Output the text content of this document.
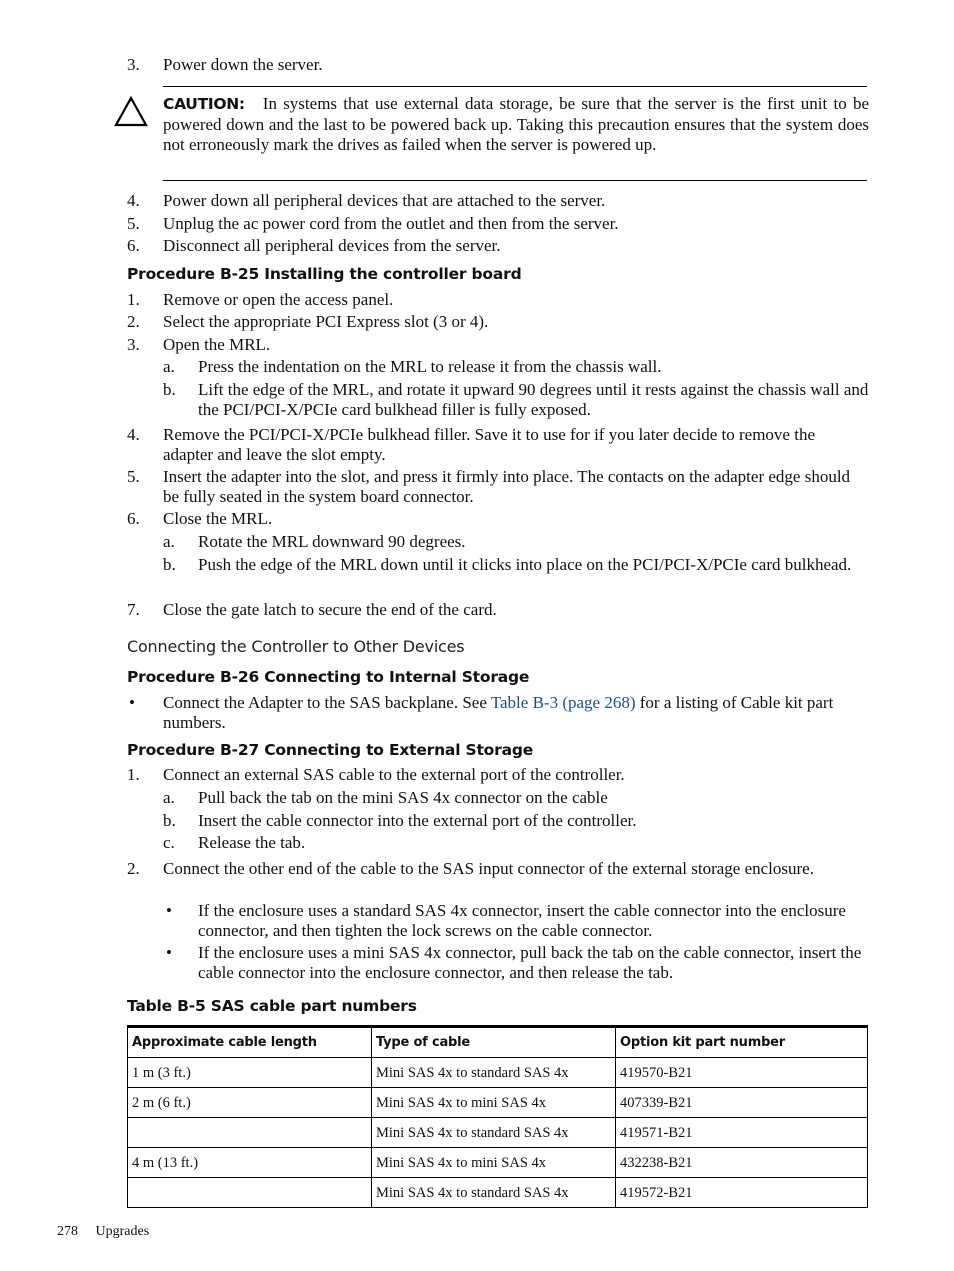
3. Power down the server.
CAUTION: In systems that use external data storage, be sure that the server is the first unit to be powered down and the last to be powered back up. Taking this precaution ensures that the system does not erroneously mark the drives as failed when the server is powered up.
4. Power down all peripheral devices that are attached to the server.
5. Unplug the ac power cord from the outlet and then from the server.
6. Disconnect all peripheral devices from the server.
Procedure B-25 Installing the controller board
1. Remove or open the access panel.
2. Select the appropriate PCI Express slot (3 or 4).
3. Open the MRL.
a. Press the indentation on the MRL to release it from the chassis wall.
b. Lift the edge of the MRL, and rotate it upward 90 degrees until it rests against the chassis wall and the PCI/PCI-X/PCIe card bulkhead filler is fully exposed.
4. Remove the PCI/PCI-X/PCIe bulkhead filler. Save it to use for if you later decide to remove the adapter and leave the slot empty.
5. Insert the adapter into the slot, and press it firmly into place. The contacts on the adapter edge should be fully seated in the system board connector.
6. Close the MRL.
a. Rotate the MRL downward 90 degrees.
b. Push the edge of the MRL down until it clicks into place on the PCI/PCI-X/PCIe card bulkhead.
7. Close the gate latch to secure the end of the card.
Connecting the Controller to Other Devices
Procedure B-26 Connecting to Internal Storage
• Connect the Adapter to the SAS backplane. See Table B-3 (page 268) for a listing of Cable kit part numbers.
Procedure B-27 Connecting to External Storage
1. Connect an external SAS cable to the external port of the controller.
a. Pull back the tab on the mini SAS 4x connector on the cable
b. Insert the cable connector into the external port of the controller.
c. Release the tab.
2. Connect the other end of the cable to the SAS input connector of the external storage enclosure.
• If the enclosure uses a standard SAS 4x connector, insert the cable connector into the enclosure connector, and then tighten the lock screws on the cable connector.
• If the enclosure uses a mini SAS 4x connector, pull back the tab on the cable connector, insert the cable connector into the enclosure connector, and then release the tab.
Table B-5 SAS cable part numbers
Approximate cable length	Type of cable	Option kit part number
1 m (3 ft.)	Mini SAS 4x to standard SAS 4x	419570-B21
2 m (6 ft.)	Mini SAS 4x to mini SAS 4x	407339-B21
	Mini SAS 4x to standard SAS 4x	419571-B21
4 m (13 ft.)	Mini SAS 4x to mini SAS 4x	432238-B21
	Mini SAS 4x to standard SAS 4x	419572-B21
278 Upgrades
